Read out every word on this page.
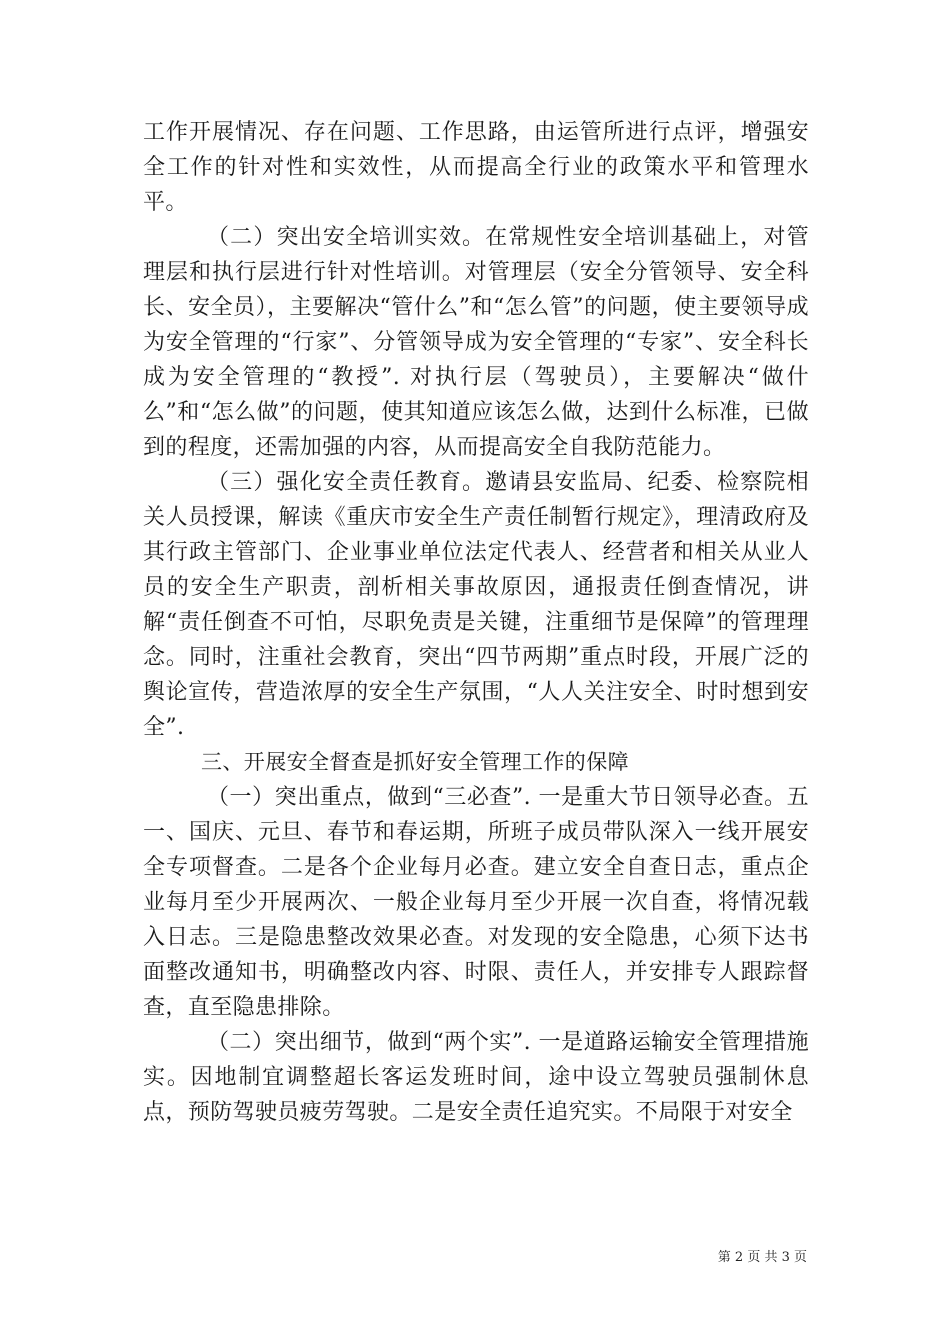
工作开展情况、存在问题、工作思路，由运管所进行点评，增强安全工作的针对性和实效性，从而提高全行业的政策水平和管理水平。

（二）突出安全培训实效。在常规性安全培训基础上，对管理层和执行层进行针对性培训。对管理层（安全分管领导、安全科长、安全员），主要解决“管什么”和“怎么管”的问题，使主要领导成为安全管理的“行家”、分管领导成为安全管理的“专家”、安全科长成为安全管理的“教授”. 对执行层（驾驶员），主要解决“做什么”和“怎么做”的问题，使其知道应该怎么做，达到什么标准，已做到的程度，还需加强的内容，从而提高安全自我防范能力。

（三）强化安全责任教育。邀请县安监局、纪委、检察院相关人员授课，解读《重庆市安全生产责任制暂行规定》，理清政府及其行政主管部门、企业事业单位法定代表人、经营者和相关从业人员的安全生产职责，剖析相关事故原因，通报责任倒查情况，讲解“责任倒查不可怕，尽职免责是关键，注重细节是保障”的管理理念。同时，注重社会教育，突出“四节两期”重点时段，开展广泛的舆论宣传，营造浓厚的安全生产氛围，“人人关注安全、时时想到安全”.

三、开展安全督查是抓好安全管理工作的保障

（一）突出重点，做到“三必查”. 一是重大节日领导必查。五一、国庆、元旦、春节和春运期，所班子成员带队深入一线开展安全专项督查。二是各个企业每月必查。建立安全自查日志，重点企业每月至少开展两次、一般企业每月至少开展一次自查，将情况载入日志。三是隐患整改效果必查。对发现的安全隐患，心须下达书面整改通知书，明确整改内容、时限、责任人，并安排专人跟踪督查，直至隐患排除。

（二）突出细节，做到“两个实”. 一是道路运输安全管理措施实。因地制宜调整超长客运发班时间，途中设立驾驶员强制休息点，预防驾驶员疲劳驾驶。二是安全责任追究实。不局限于对安全

第 2 页 共 3 页
